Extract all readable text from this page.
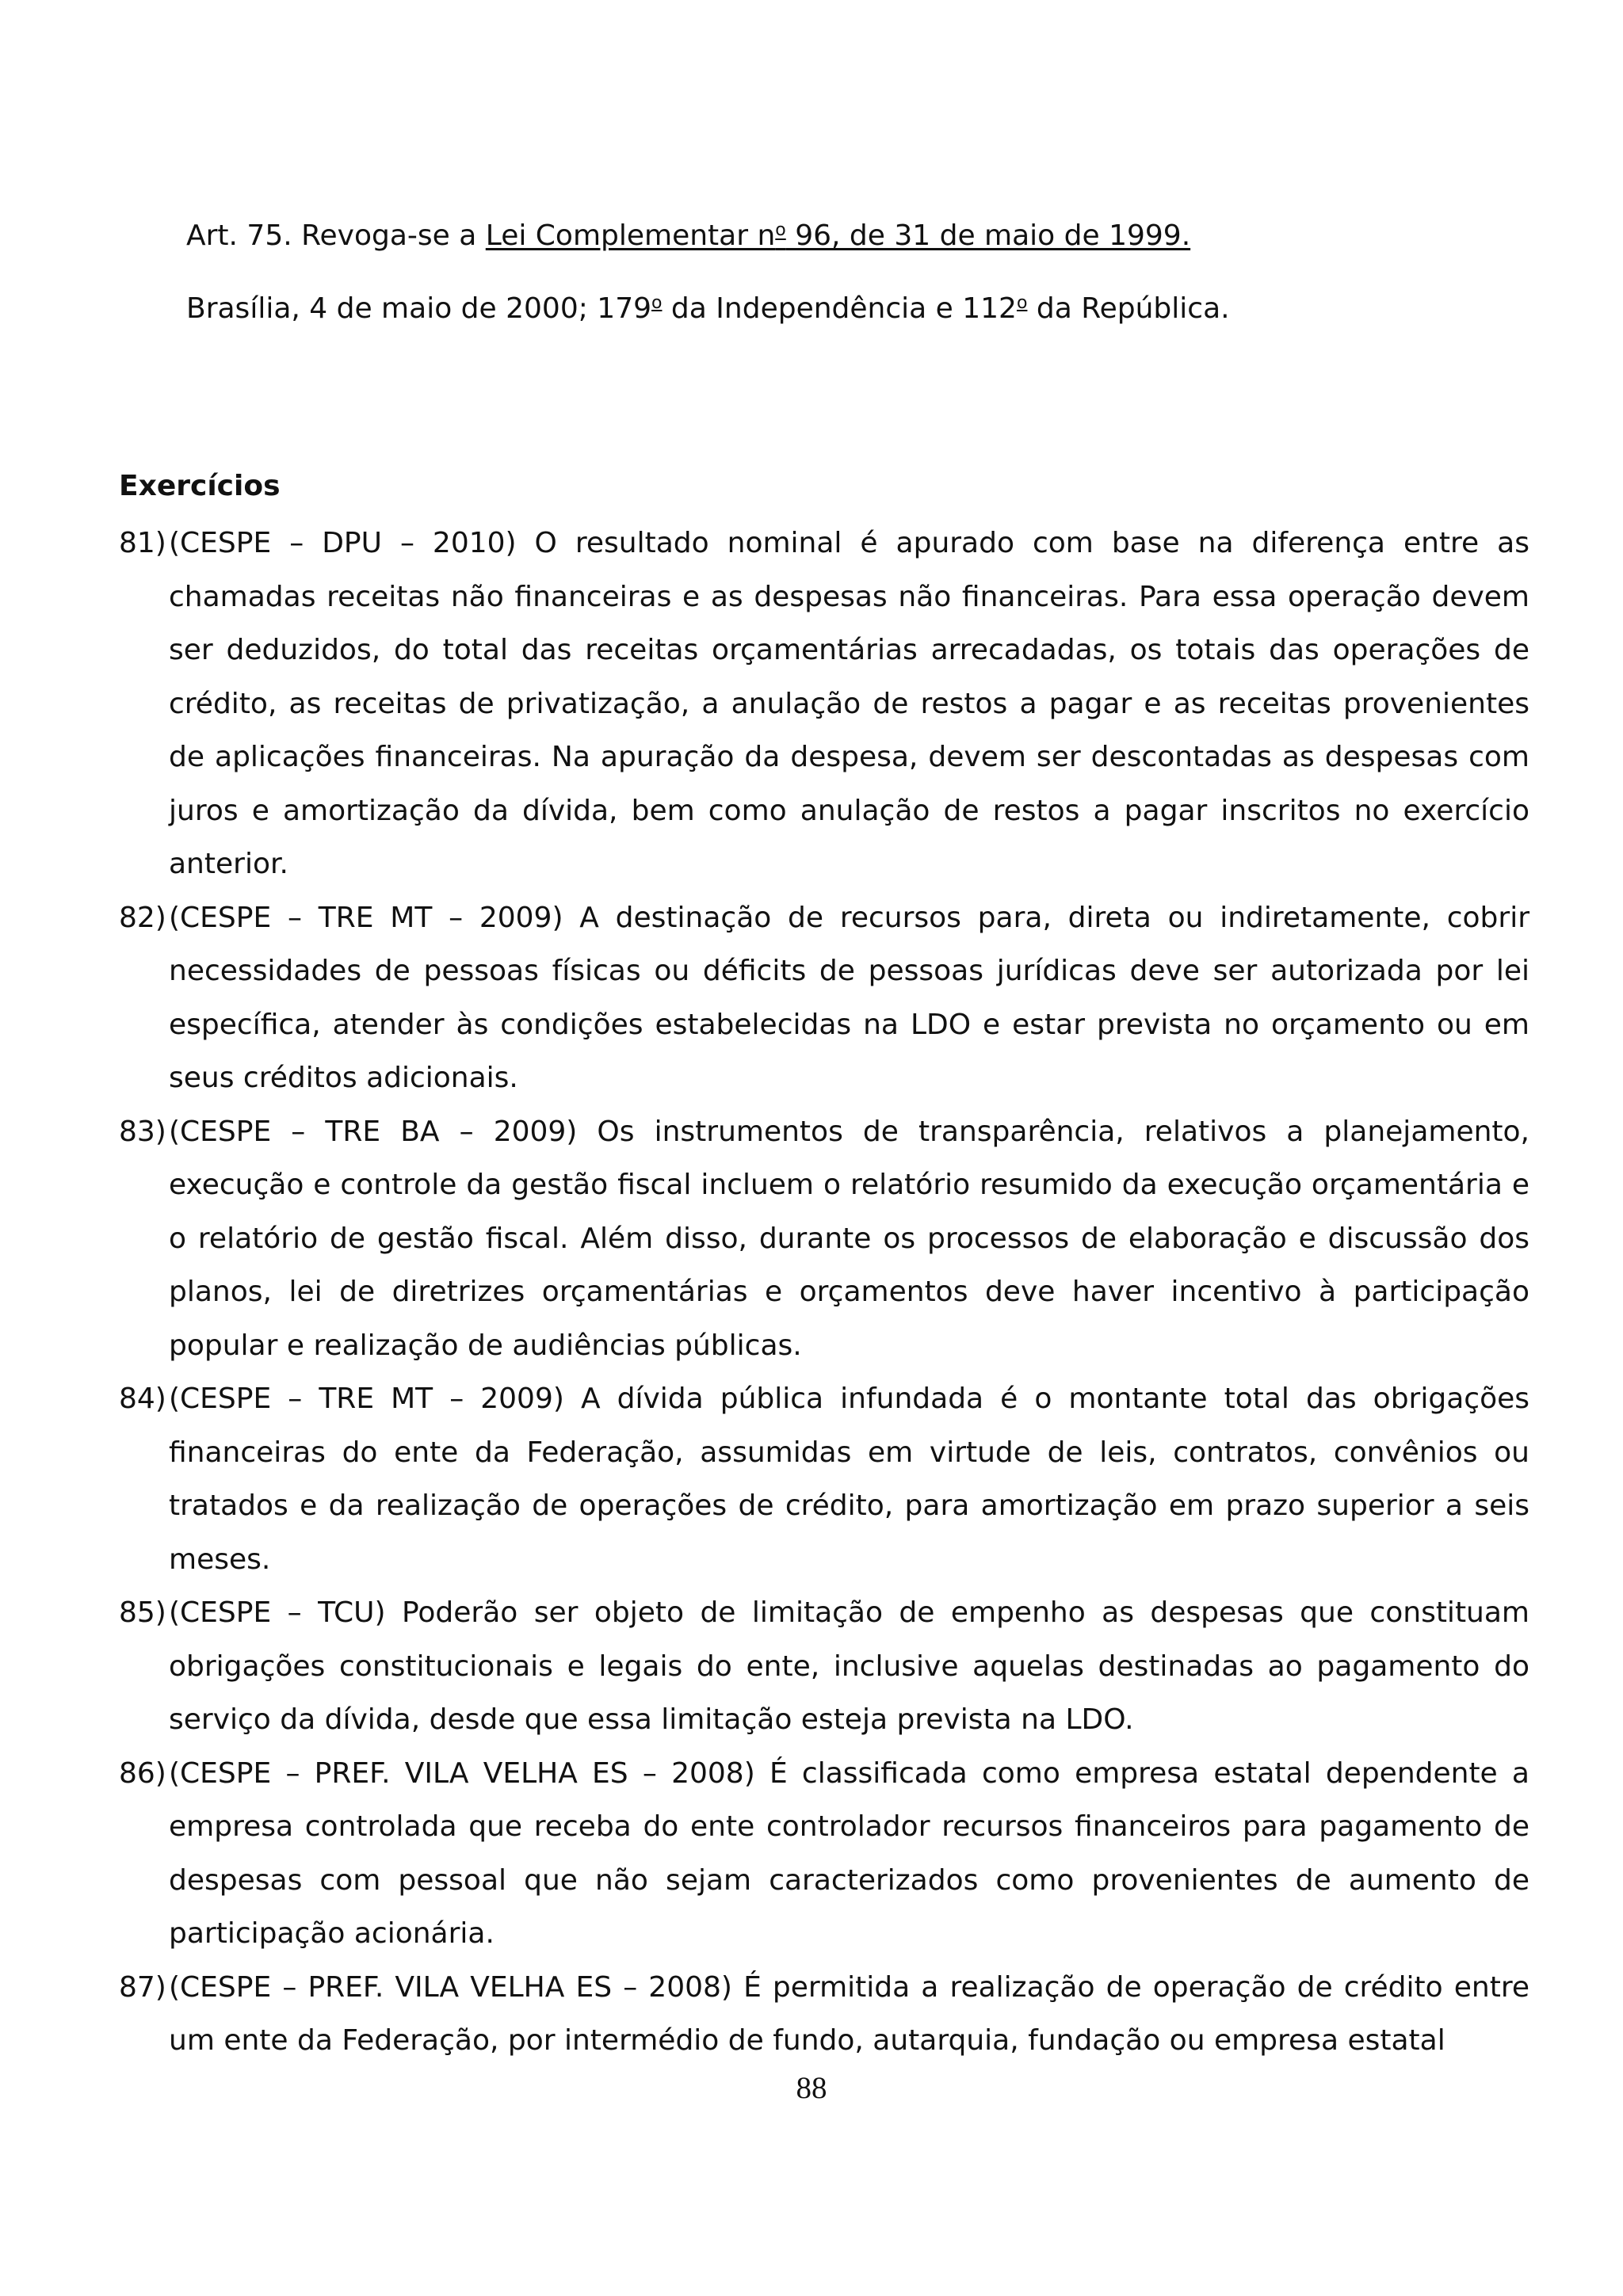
Art. 75. Revoga-se a Lei Complementar $n^o$ 96, de 31 de maio de 1999.
Brasília, 4 de maio de 2000; 179$^o$ da Independência e 112$^o$ da República.
Exercícios
81) (CESPE – DPU – 2010) O resultado nominal é apurado com base na diferença entre as chamadas receitas não financeiras e as despesas não financeiras. Para essa operação devem ser deduzidos, do total das receitas orçamentárias arrecadadas, os totais das operações de crédito, as receitas de privatização, a anulação de restos a pagar e as receitas provenientes de aplicações financeiras. Na apuração da despesa, devem ser descontadas as despesas com juros e amortização da dívida, bem como anulação de restos a pagar inscritos no exercício anterior.
82) (CESPE – TRE MT – 2009) A destinação de recursos para, direta ou indiretamente, cobrir necessidades de pessoas físicas ou déficits de pessoas jurídicas deve ser autorizada por lei específica, atender às condições estabelecidas na LDO e estar prevista no orçamento ou em seus créditos adicionais.
83) (CESPE – TRE BA – 2009) Os instrumentos de transparência, relativos a planejamento, execução e controle da gestão fiscal incluem o relatório resumido da execução orçamentária e o relatório de gestão fiscal. Além disso, durante os processos de elaboração e discussão dos planos, lei de diretrizes orçamentárias e orçamentos deve haver incentivo à participação popular e realização de audiências públicas.
84) (CESPE – TRE MT – 2009) A dívida pública infundada é o montante total das obrigações financeiras do ente da Federação, assumidas em virtude de leis, contratos, convênios ou tratados e da realização de operações de crédito, para amortização em prazo superior a seis meses.
85) (CESPE – TCU) Poderão ser objeto de limitação de empenho as despesas que constituam obrigações constitucionais e legais do ente, inclusive aquelas destinadas ao pagamento do serviço da dívida, desde que essa limitação esteja prevista na LDO.
86) (CESPE – PREF. VILA VELHA ES – 2008) É classificada como empresa estatal dependente a empresa controlada que receba do ente controlador recursos financeiros para pagamento de despesas com pessoal que não sejam caracterizados como provenientes de aumento de participação acionária.
87) (CESPE – PREF. VILA VELHA ES – 2008) É permitida a realização de operação de crédito entre um ente da Federação, por intermédio de fundo, autarquia, fundação ou empresa estatal
88
